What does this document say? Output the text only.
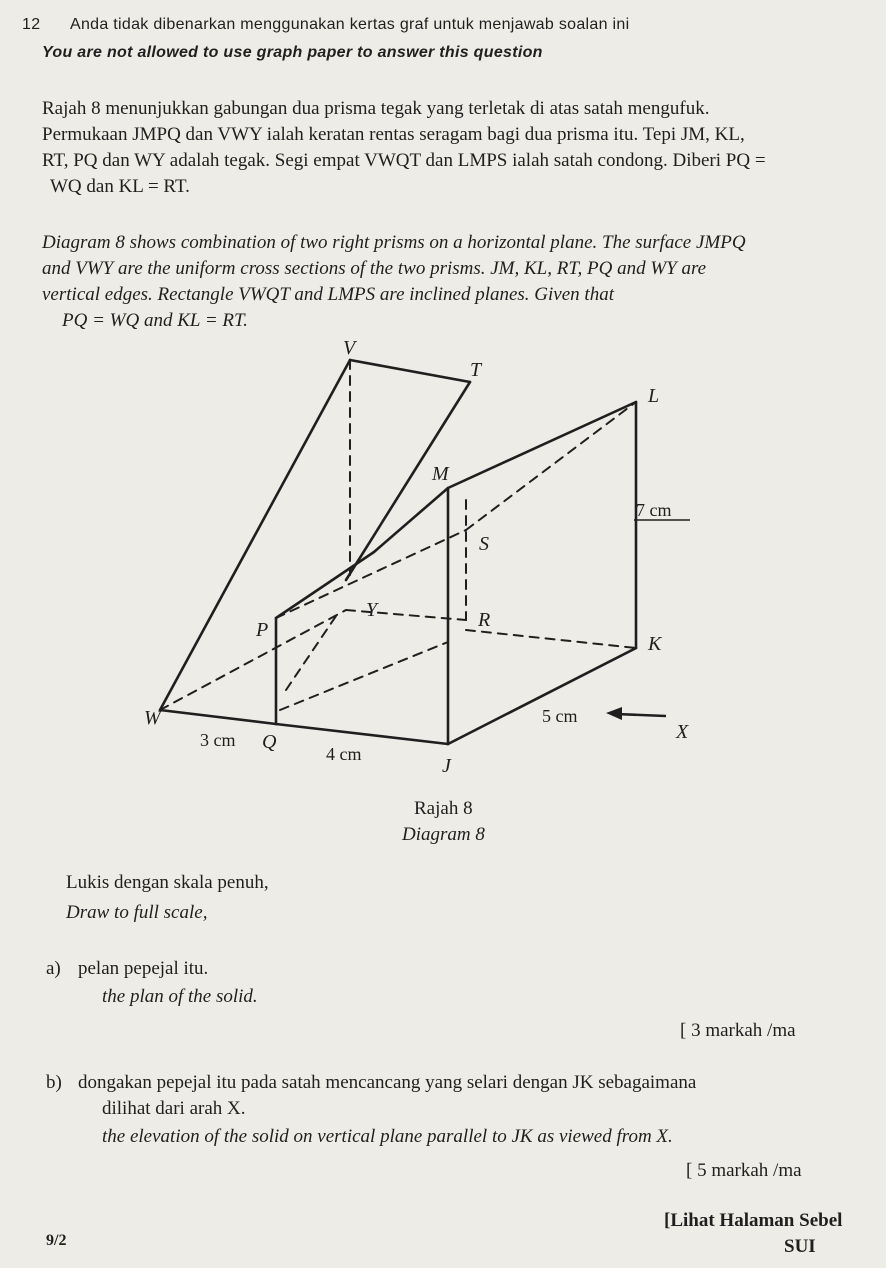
12 Anda tidak dibenarkan menggunakan kertas graf untuk menjawab soalan ini
You are not allowed to use graph paper to answer this question
Rajah 8 menunjukkan gabungan dua prisma tegak yang terletak di atas satah mengufuk.
Permukaan JMPQ dan VWY ialah keratan rentas seragam bagi dua prisma itu. Tepi JM, KL,
RT, PQ dan WY adalah tegak. Segi empat VWQT dan LMPS ialah satah condong. Diberi PQ =
WQ dan KL = RT.
Diagram 8 shows combination of two right prisms on a horizontal plane. The surface JMPQ
and VWY are the uniform cross sections of the two prisms. JM, KL, RT, PQ and WY are
vertical edges. Rectangle VWQT and LMPS are inclined planes. Given that
PQ = WQ and KL = RT.
V
T
L
M
S
Y	R
P
K
W
Q
J
X
7 cm
5 cm
3 cm
4 cm
Rajah 8
Diagram 8
Lukis dengan skala penuh,
Draw to full scale,
a) pelan pepejal itu.
the plan of the solid.
[ 3 markah /ma
b) dongakan pepejal itu pada satah mencancang yang selari dengan JK sebagaimana
dilihat dari arah X.
the elevation of the solid on vertical plane parallel to JK as viewed from X.
[ 5 markah /ma
9/2
[Lihat Halaman Sebel
SUI
